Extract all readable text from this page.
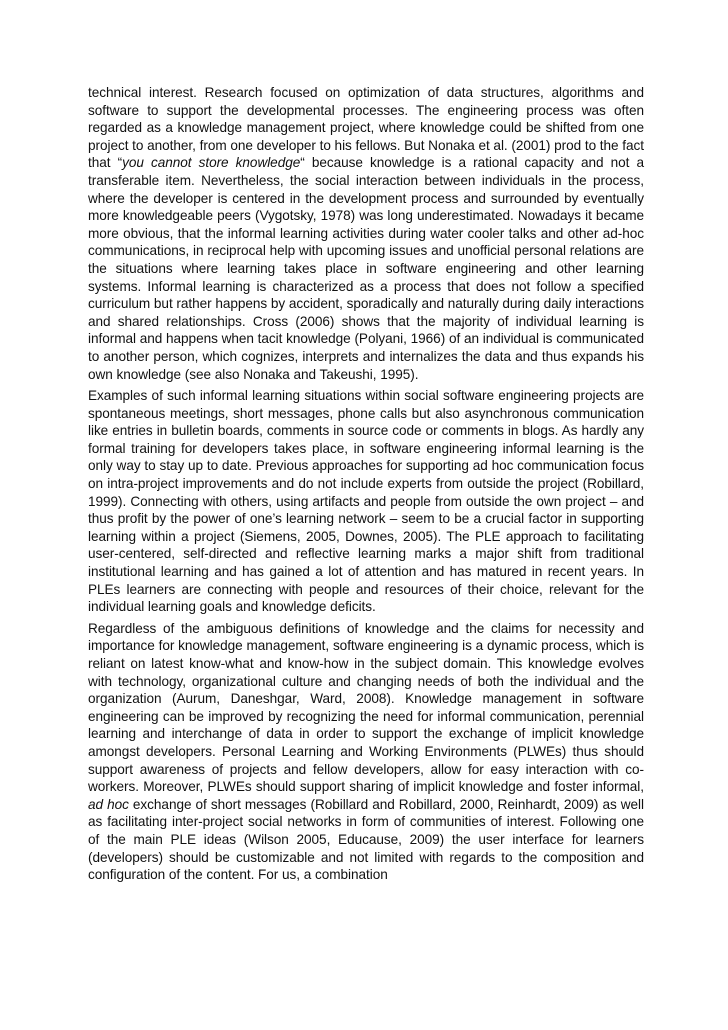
technical interest. Research focused on optimization of data structures, algorithms and software to support the developmental processes. The engineering process was often regarded as a knowledge management project, where knowledge could be shifted from one project to another, from one developer to his fellows. But Nonaka et al. (2001) prod to the fact that “you cannot store knowledge“ because knowledge is a rational capacity and not a transferable item. Nevertheless, the social interaction between individuals in the process, where the developer is centered in the development process and surrounded by eventually more knowledgeable peers (Vygotsky, 1978) was long underestimated. Nowadays it became more obvious, that the informal learning activities during water cooler talks and other ad-hoc communications, in reciprocal help with upcoming issues and unofficial personal relations are the situations where learning takes place in software engineering and other learning systems. Informal learning is characterized as a process that does not follow a specified curriculum but rather happens by accident, sporadically and naturally during daily interactions and shared relationships. Cross (2006) shows that the majority of individual learning is informal and happens when tacit knowledge (Polyani, 1966) of an individual is communicated to another person, which cognizes, interprets and internalizes the data and thus expands his own knowledge (see also Nonaka and Takeushi, 1995).

Examples of such informal learning situations within social software engineering projects are spontaneous meetings, short messages, phone calls but also asynchronous communication like entries in bulletin boards, comments in source code or comments in blogs. As hardly any formal training for developers takes place, in software engineering informal learning is the only way to stay up to date. Previous approaches for supporting ad hoc communication focus on intra-project improvements and do not include experts from outside the project (Robillard, 1999). Connecting with others, using artifacts and people from outside the own project – and thus profit by the power of one’s learning network – seem to be a crucial factor in supporting learning within a project (Siemens, 2005, Downes, 2005). The PLE approach to facilitating user-centered, self-directed and reflective learning marks a major shift from traditional institutional learning and has gained a lot of attention and has matured in recent years. In PLEs learners are connecting with people and resources of their choice, relevant for the individual learning goals and knowledge deficits.

Regardless of the ambiguous definitions of knowledge and the claims for necessity and importance for knowledge management, software engineering is a dynamic process, which is reliant on latest know-what and know-how in the subject domain. This knowledge evolves with technology, organizational culture and changing needs of both the individual and the organization (Aurum, Daneshgar, Ward, 2008). Knowledge management in software engineering can be improved by recognizing the need for informal communication, perennial learning and interchange of data in order to support the exchange of implicit knowledge amongst developers. Personal Learning and Working Environments (PLWEs) thus should support awareness of projects and fellow developers, allow for easy interaction with co-workers. Moreover, PLWEs should support sharing of implicit knowledge and foster informal, ad hoc exchange of short messages (Robillard and Robillard, 2000, Reinhardt, 2009) as well as facilitating inter-project social networks in form of communities of interest. Following one of the main PLE ideas (Wilson 2005, Educause, 2009) the user interface for learners (developers) should be customizable and not limited with regards to the composition and configuration of the content. For us, a combination
